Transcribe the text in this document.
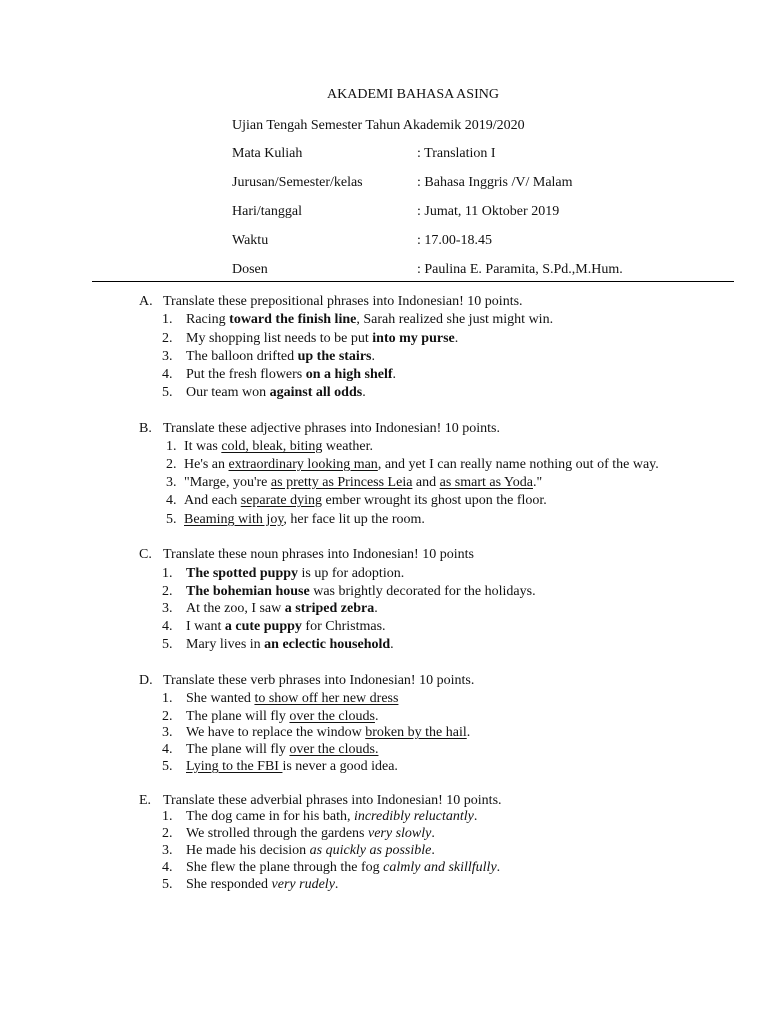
AKADEMI BAHASA ASING
Ujian Tengah Semester Tahun Akademik 2019/2020
Mata Kuliah	: Translation I
Jurusan/Semester/kelas	: Bahasa Inggris /V/ Malam
Hari/tanggal	: Jumat, 11 Oktober 2019
Waktu	: 17.00-18.45
Dosen	: Paulina E. Paramita, S.Pd.,M.Hum.
A. Translate these prepositional phrases into Indonesian! 10 points.
1. Racing toward the finish line, Sarah realized she just might win.
2. My shopping list needs to be put into my purse.
3. The balloon drifted up the stairs.
4. Put the fresh flowers on a high shelf.
5. Our team won against all odds.
B. Translate these adjective phrases into Indonesian! 10 points.
1. It was cold, bleak, biting weather.
2. He's an extraordinary looking man, and yet I can really name nothing out of the way.
3. "Marge, you're as pretty as Princess Leia and as smart as Yoda."
4. And each separate dying ember wrought its ghost upon the floor.
5. Beaming with joy, her face lit up the room.
C. Translate these noun phrases into Indonesian! 10 points
1. The spotted puppy is up for adoption.
2. The bohemian house was brightly decorated for the holidays.
3. At the zoo, I saw a striped zebra.
4. I want a cute puppy for Christmas.
5. Mary lives in an eclectic household.
D. Translate these verb phrases into Indonesian! 10 points.
1. She wanted to show off her new dress
2. The plane will fly over the clouds.
3. We have to replace the window broken by the hail.
4. The plane will fly over the clouds.
5. Lying to the FBI is never a good idea.
E. Translate these adverbial phrases into Indonesian! 10 points.
1. The dog came in for his bath, incredibly reluctantly.
2. We strolled through the gardens very slowly.
3. He made his decision as quickly as possible.
4. She flew the plane through the fog calmly and skillfully.
5. She responded very rudely.
